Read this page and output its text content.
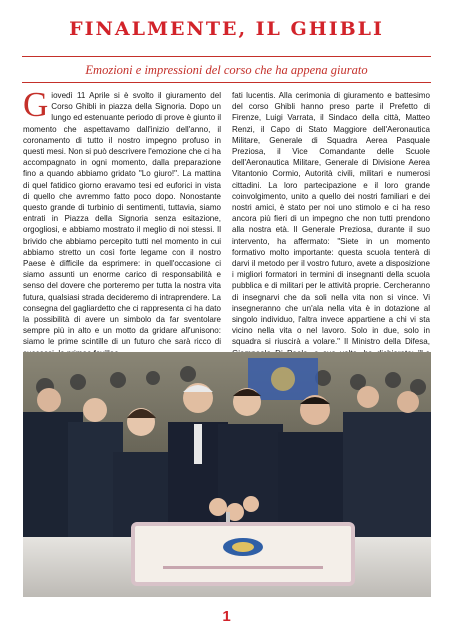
FINALMENTE, IL GHIBLI
Emozioni e impressioni del corso che ha appena giurato

Giovedì 11 Aprile si è svolto il giuramento del Corso Ghibli in piazza della Signoria. Dopo un lungo ed estenuante periodo di prove è giunto il momento che aspettavamo dall'inizio dell'anno, il coronamento di tutto il nostro impegno profuso in questi mesi. Non si può descrivere l'emozione che ci ha accompagnato in ogni momento, dalla preparazione fino a quando abbiamo gridato "Lo giuro!". La mattina di quel fatidico giorno eravamo tesi ed euforici in vista di quello che avremmo fatto poco dopo. Nonostante questo grande di turbinio di sentimenti, tuttavia, siamo entrati in Piazza della Signoria senza esitazione, orgogliosi, e abbiamo mostrato il meglio di noi stessi. Il brivido che abbiamo percepito tutti nel momento in cui abbiamo stretto un così forte legame con il nostro Paese è difficile da esprimere: in quell'occasione ci siamo assunti un enorme carico di responsabilità e senso del dovere che porteremo per tutta la nostra vita futura, qualsiasi strada decideremo di intraprendere. La consegna del gagliardetto che ci rappresenta ci ha dato la possibilità di avere un simbolo da far sventolare sempre più in alto e un motto da gridare all'unisono: siamo le prime scintille di un futuro che sarà ricco di

fati lucentis. Alla cerimonia di giuramento e battesimo del corso Ghibli hanno preso parte il Prefetto di Firenze, Luigi Varrata, il Sindaco della città, Matteo Renzi, il Capo di Stato Maggiore dell'Aeronautica Militare, Generale di Squadra Aerea Pasquale Preziosa, il Vice Comandante delle Scuole dell'Aeronautica Militare, Generale di Divisione Aerea Vitantonio Cormio, Autorità civili, militari e numerosi cittadini. La loro partecipazione e il loro grande coinvolgimento, unito a quello dei nostri familiari e dei nostri amici, è stato per noi uno stimolo e ci ha reso ancora più fieri di un impegno che non tutti prendono alla nostra età. Il Generale Preziosa, durante il suo intervento, ha affermato: "Siete in un momento formativo molto importante: questa scuola tenterà di darvi il metodo per il vostro futuro, avete a disposizione i migliori formatori in termini di insegnanti della scuola pubblica e di militari per le attività proprie. Cercheranno di insegnarvi che da soli nella vita non si vince. Vi insegneranno che un'ala nella vita è in dotazione al singolo individuo, l'altra invece appartiene a chi vi sta vicino nella vita o nel lavoro. Solo in due, solo in squadra si riuscirà a volare." Il Ministro della Difesa,

1
